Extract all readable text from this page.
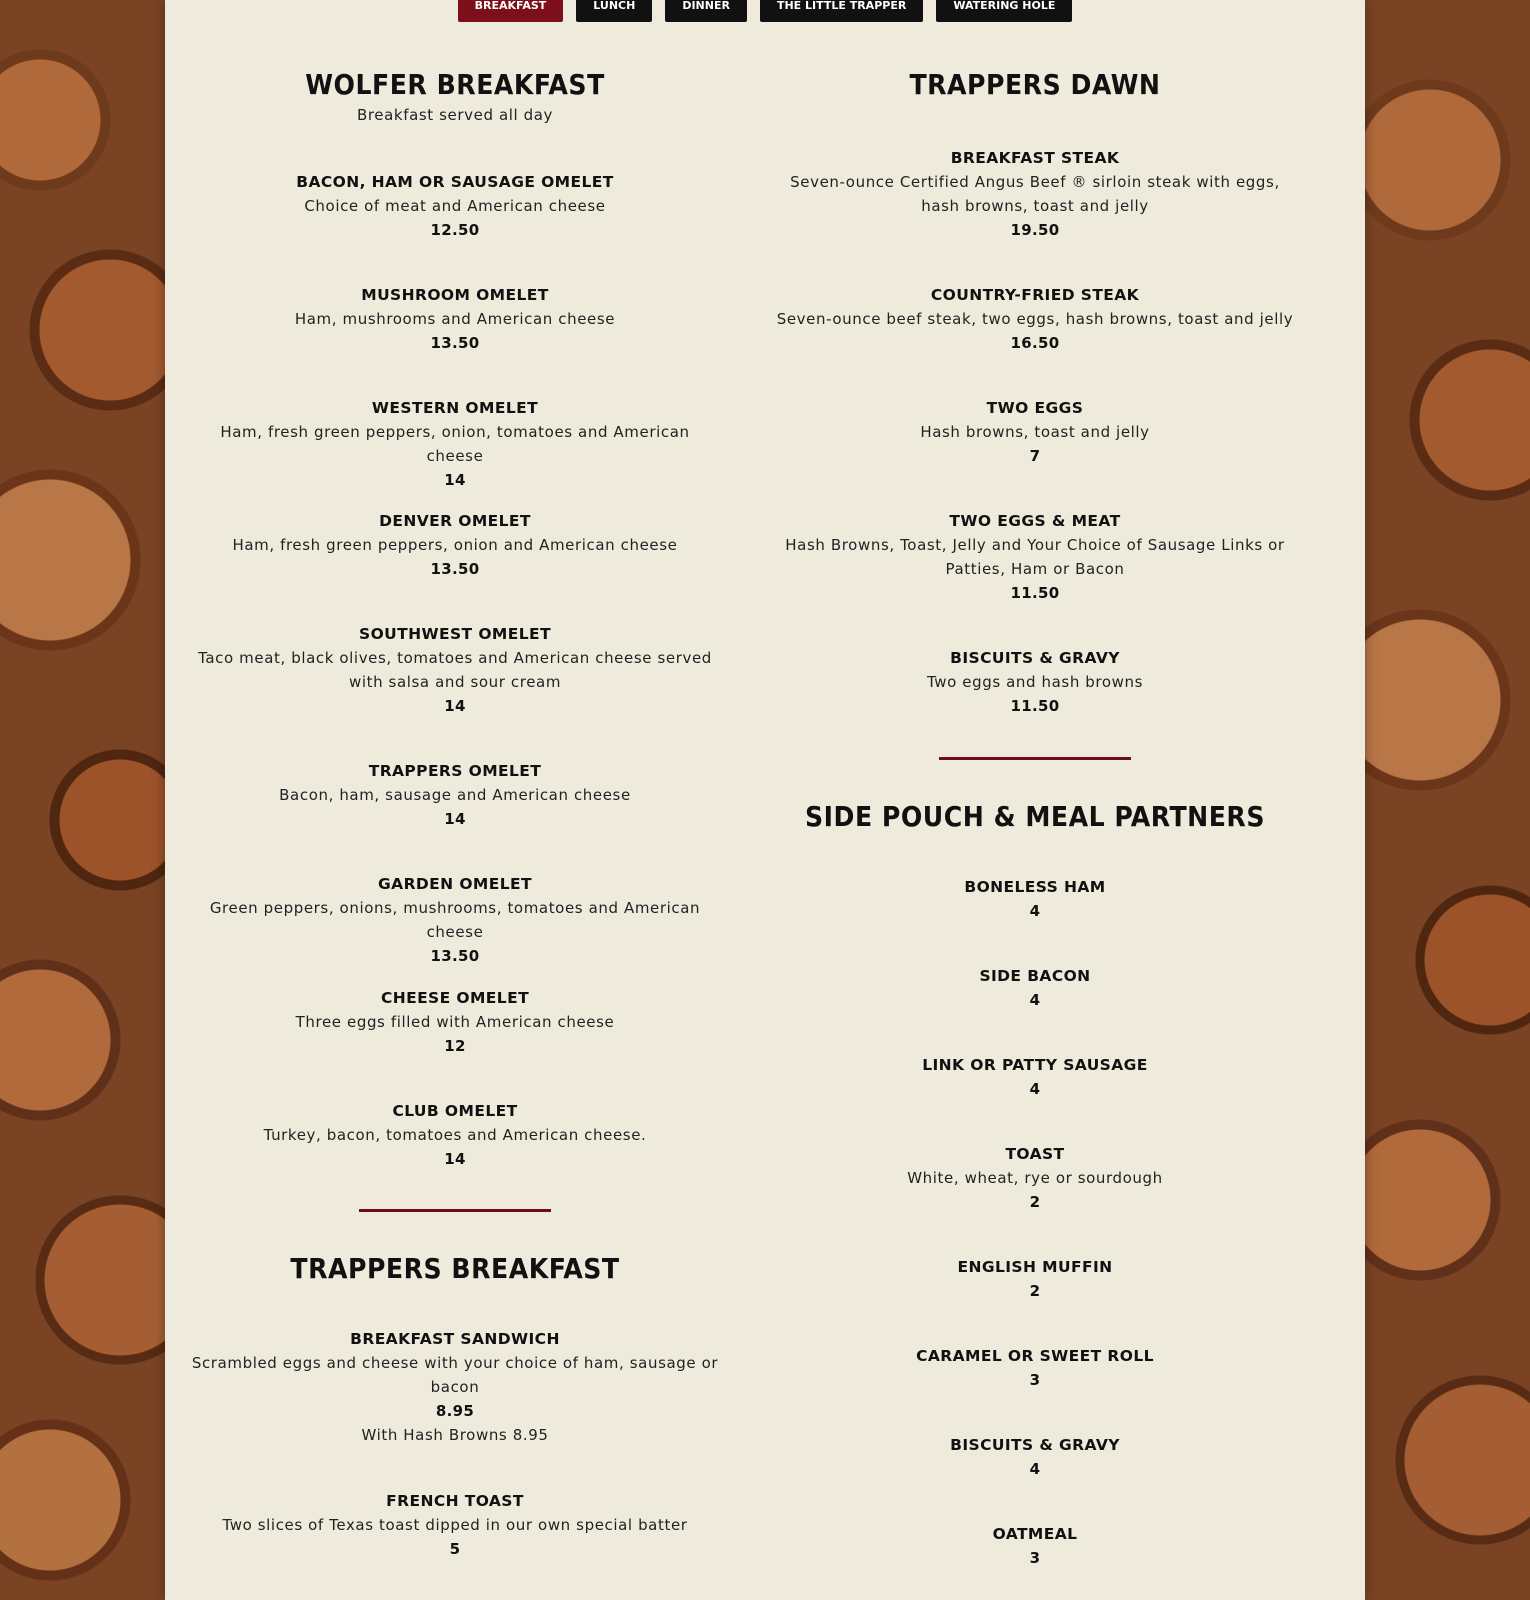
BREAKFAST	LUNCH	DINNER	THE LITTLE TRAPPER	WATERING HOLE
WOLFER BREAKFAST
Breakfast served all day
BACON, HAM OR SAUSAGE OMELET
Choice of meat and American cheese
12.50
MUSHROOM OMELET
Ham, mushrooms and American cheese
13.50
WESTERN OMELET
Ham, fresh green peppers, onion, tomatoes and American cheese
14
DENVER OMELET
Ham, fresh green peppers, onion and American cheese
13.50
SOUTHWEST OMELET
Taco meat, black olives, tomatoes and American cheese served with salsa and sour cream
14
TRAPPERS OMELET
Bacon, ham, sausage and American cheese
14
GARDEN OMELET
Green peppers, onions, mushrooms, tomatoes and American cheese
13.50
CHEESE OMELET
Three eggs filled with American cheese
12
CLUB OMELET
Turkey, bacon, tomatoes and American cheese.
14
TRAPPERS BREAKFAST
BREAKFAST SANDWICH
Scrambled eggs and cheese with your choice of ham, sausage or bacon
8.95
With Hash Browns 8.95
FRENCH TOAST
Two slices of Texas toast dipped in our own special batter
5
TRAPPERS DAWN
BREAKFAST STEAK
Seven-ounce Certified Angus Beef ® sirloin steak with eggs, hash browns, toast and jelly
19.50
COUNTRY-FRIED STEAK
Seven-ounce beef steak, two eggs, hash browns, toast and jelly
16.50
TWO EGGS
Hash browns, toast and jelly
7
TWO EGGS & MEAT
Hash Browns, Toast, Jelly and Your Choice of Sausage Links or Patties, Ham or Bacon
11.50
BISCUITS & GRAVY
Two eggs and hash browns
11.50
SIDE POUCH & MEAL PARTNERS
BONELESS HAM
4
SIDE BACON
4
LINK OR PATTY SAUSAGE
4
TOAST
White, wheat, rye or sourdough
2
ENGLISH MUFFIN
2
CARAMEL OR SWEET ROLL
3
BISCUITS & GRAVY
4
OATMEAL
3
